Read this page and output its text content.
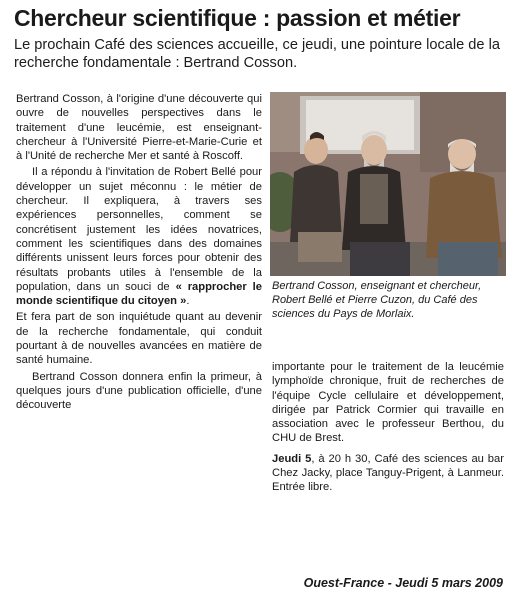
Chercheur scientifique : passion et métier
Le prochain Café des sciences accueille, ce jeudi, une pointure locale de la recherche fondamentale : Bertrand Cosson.

Bertrand Cosson, à l'origine d'une découverte qui ouvre de nouvelles perspectives dans le traitement d'une leucémie, est enseignant-chercheur à l'Université Pierre-et-Marie-Curie et à l'Unité de recherche Mer et santé à Roscoff.

Il a répondu à l'invitation de Robert Bellé pour développer un sujet méconnu : le métier de chercheur. Il expliquera, à travers ses expériences personnelles, comment se concrétisent justement les idées novatrices, comment les scientifiques dans des domaines différents unissent leurs forces pour obtenir des résultats probants utiles à l'ensemble de la population, dans un souci de « rapprocher le monde scientifique du citoyen ».

Et fera part de son inquiétude quant au devenir de la recherche fondamentale, qui conduit pourtant à de nouvelles avancées en matière de santé humaine.

Bertrand Cosson donnera enfin la primeur, à quelques jours d'une publication officielle, d'une découverte

Bertrand Cosson, enseignant et chercheur, Robert Bellé et Pierre Cuzon, du Café des sciences du Pays de Morlaix.

importante pour le traitement de la leucémie lymphoïde chronique, fruit de recherches de l'équipe Cycle cellulaire et développement, dirigée par Patrick Cormier qui travaille en association avec le professeur Berthou, du CHU de Brest.

Jeudi 5, à 20 h 30, Café des sciences au bar Chez Jacky, place Tanguy-Prigent, à Lanmeur. Entrée libre.

Ouest-France - Jeudi 5 mars 2009
